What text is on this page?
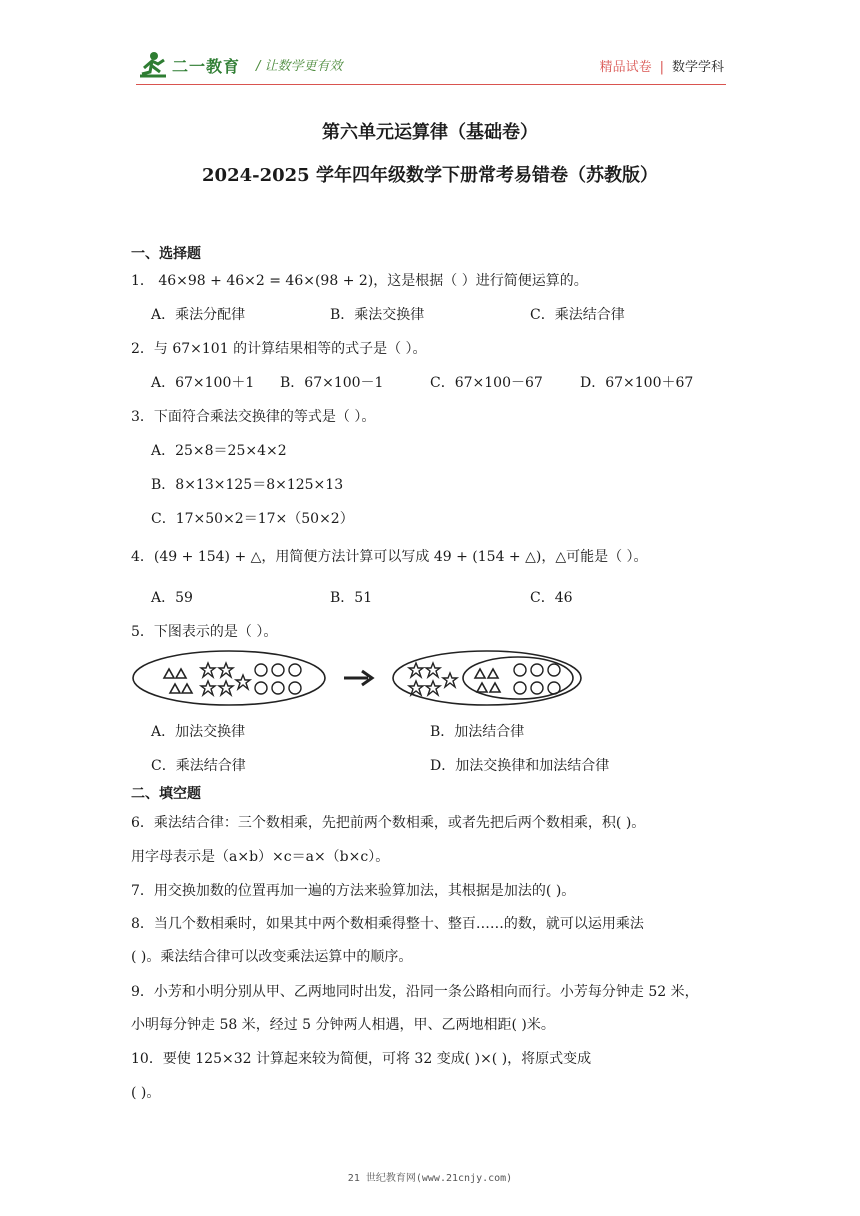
二一教育 / 让数学更有效	精品试卷 | 数学学科
第六单元运算律（基础卷）
2024-2025 学年四年级数学下册常考易错卷（苏教版）
一、选择题
1． 46×98 + 46×2 = 46×(98 + 2)，这是根据（ ）进行简便运算的。
A．乘法分配律	B．乘法交换律	C．乘法结合律
2．与 67×101 的计算结果相等的式子是（ ）。
A．67×100＋1 B．67×100－1	C．67×100－67	D．67×100＋67
3．下面符合乘法交换律的等式是（ ）。
A．25×8＝25×4×2
B．8×13×125＝8×125×13
C．17×50×2＝17×（50×2）
4．(49 + 154) + △，用简便方法计算可以写成 49 + (154 + △)，△可能是（ ）。
A．59	B．51	C．46
5．下图表示的是（ ）。
A．加法交换律	B．加法结合律
C．乘法结合律	D．加法交换律和加法结合律
二、填空题
6．乘法结合律：三个数相乘，先把前两个数相乘，或者先把后两个数相乘，积( )。
用字母表示是（a×b）×c＝a×（b×c）。
7．用交换加数的位置再加一遍的方法来验算加法，其根据是加法的( )。
8．当几个数相乘时，如果其中两个数相乘得整十、整百……的数，就可以运用乘法
( )。乘法结合律可以改变乘法运算中的顺序。
9．小芳和小明分别从甲、乙两地同时出发，沿同一条公路相向而行。小芳每分钟走 52 米，
小明每分钟走 58 米，经过 5 分钟两人相遇，甲、乙两地相距( )米。
10．要使 125×32 计算起来较为简便，可将 32 变成( )×( )，将原式变成
( )。
21 世纪教育网(www.21cnjy.com)
